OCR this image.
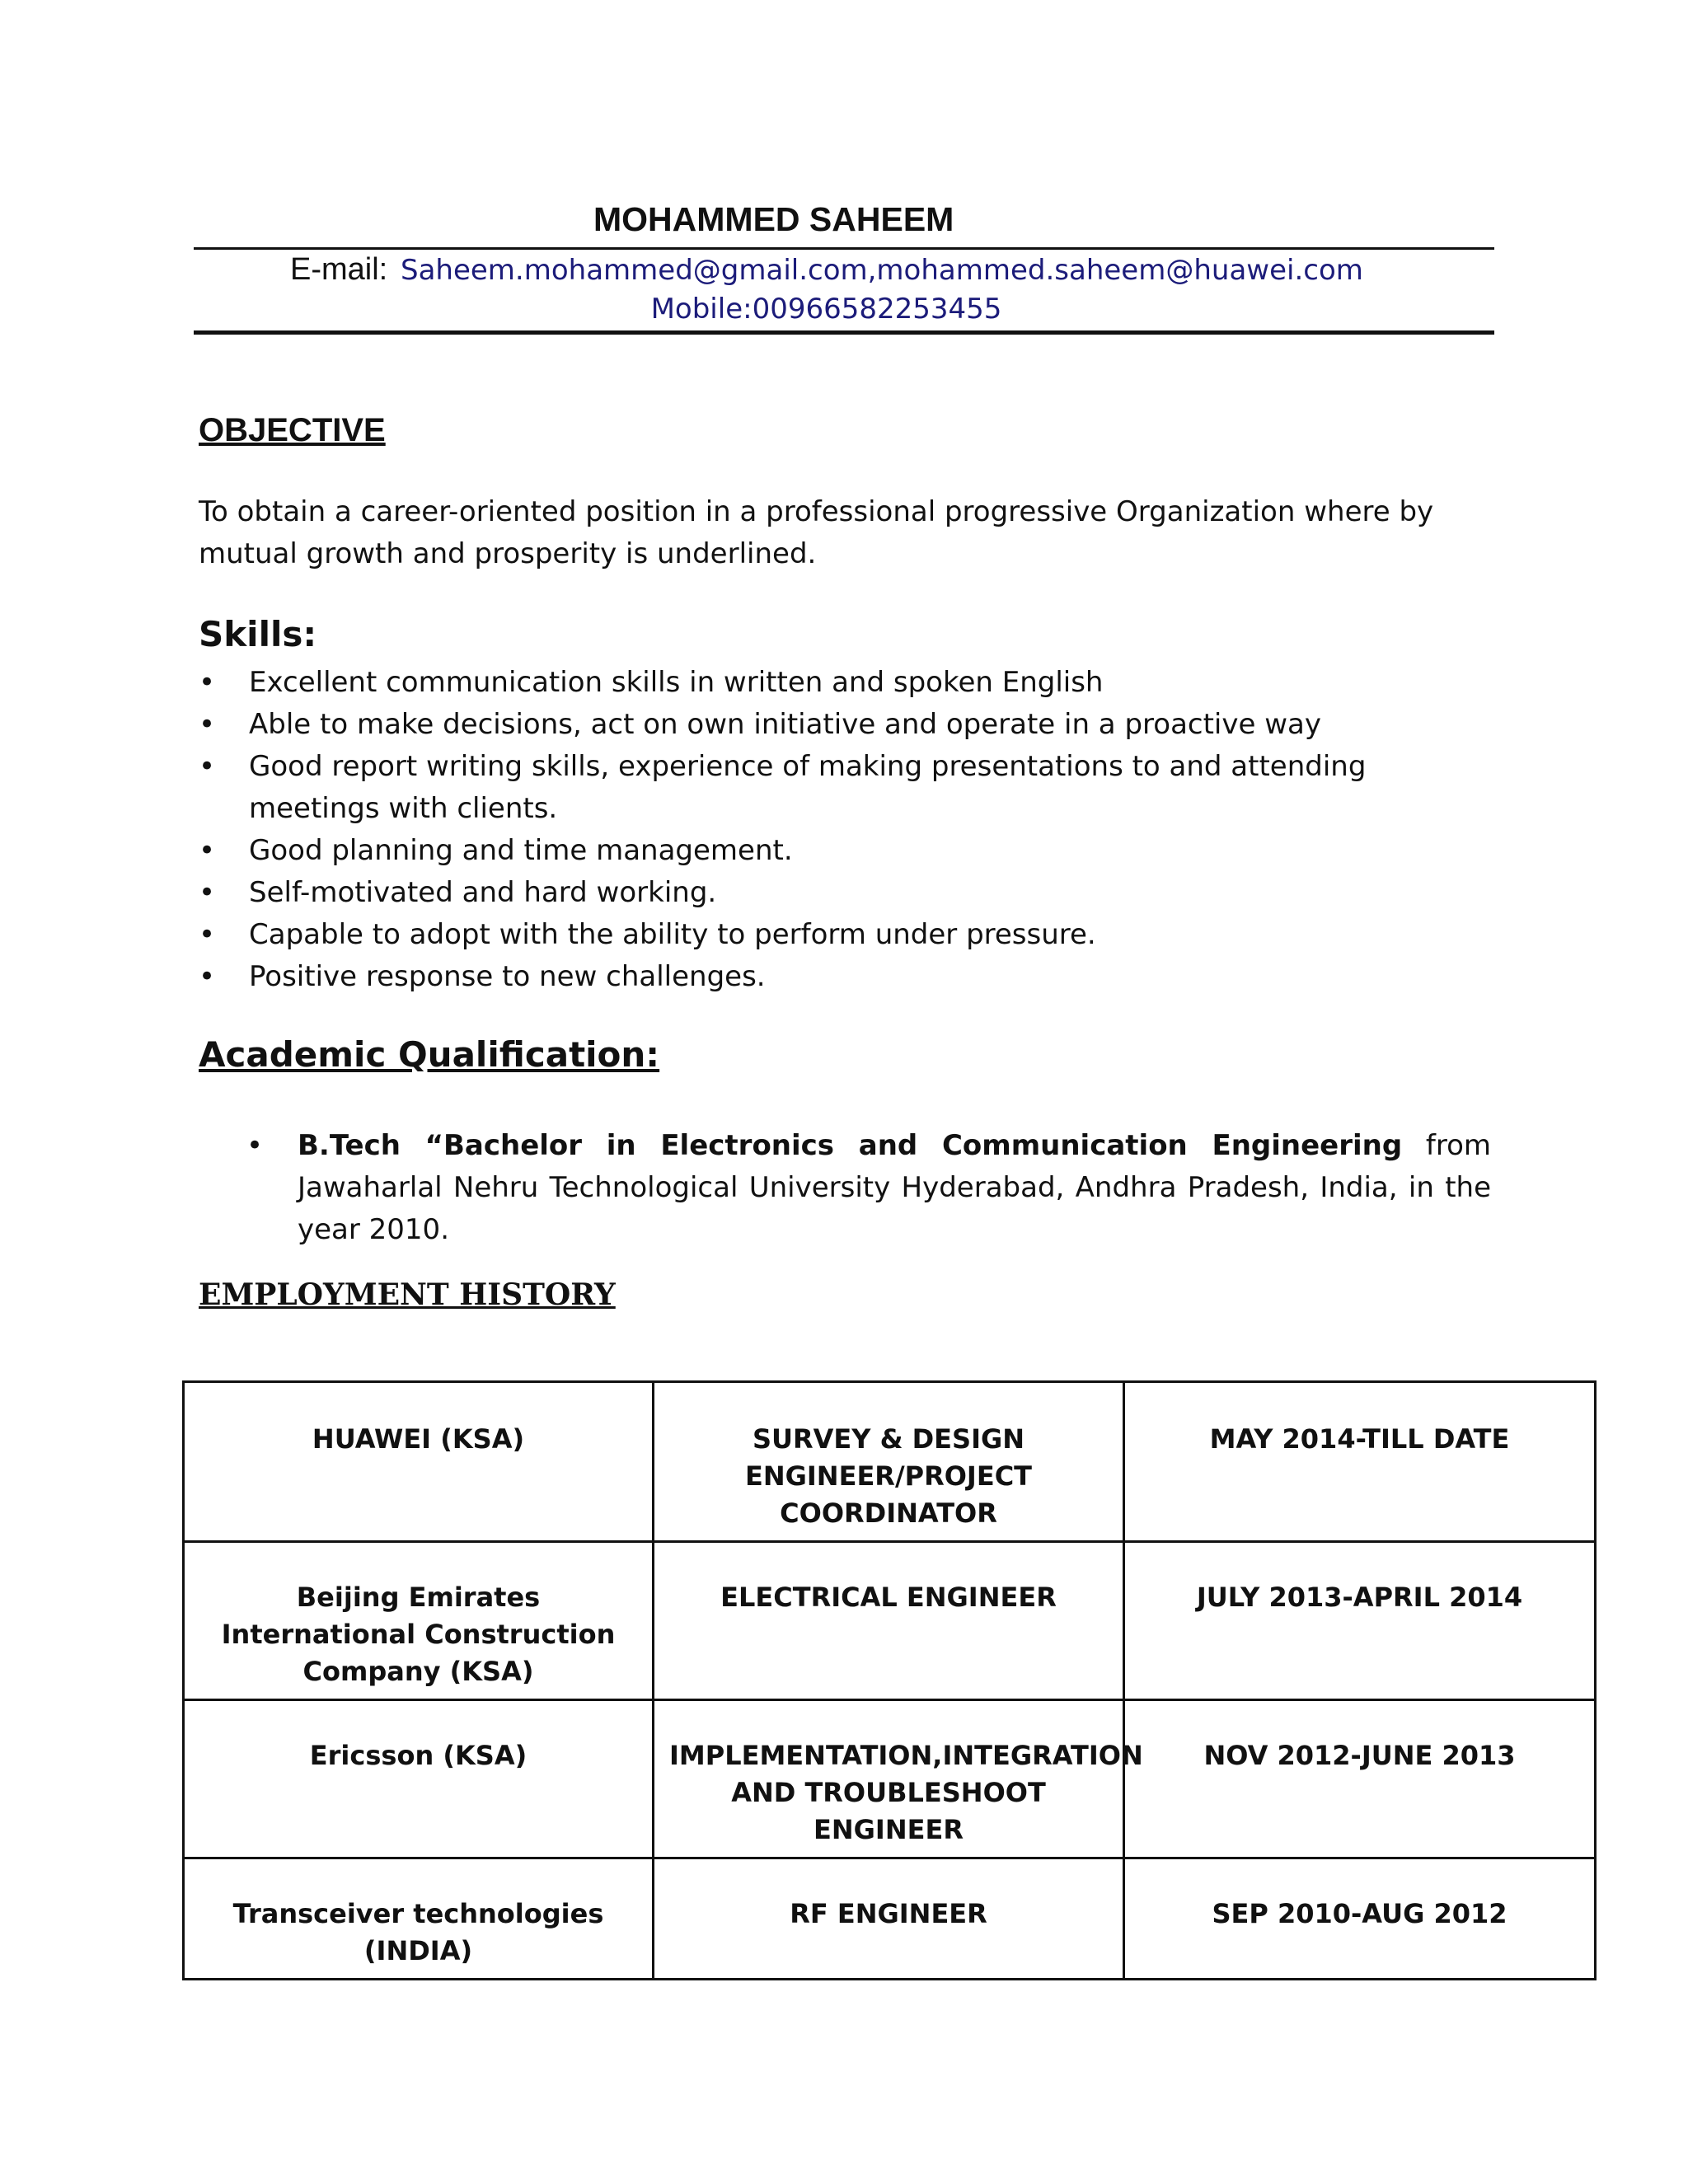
MOHAMMED SAHEEM
E-mail: Saheem.mohammed@gmail.com,mohammed.saheem@huawei.com
Mobile:00966582253455
OBJECTIVE
To obtain a career-oriented position in a professional progressive Organization where by mutual growth and prosperity is underlined.
Skills:
• Excellent communication skills in written and spoken English
• Able to make decisions, act on own initiative and operate in a proactive way
• Good report writing skills, experience of making presentations to and attending meetings with clients.
• Good planning and time management.
• Self-motivated and hard working.
• Capable to adopt with the ability to perform under pressure.
• Positive response to new challenges.
Academic Qualification:
• B.Tech “Bachelor in Electronics and Communication Engineering from Jawaharlal Nehru Technological University Hyderabad, Andhra Pradesh, India, in the year 2010.
EMPLOYMENT HISTORY
HUAWEI (KSA)	SURVEY & DESIGN ENGINEER/PROJECT COORDINATOR	MAY 2014-TILL DATE
Beijing Emirates International Construction Company (KSA)	ELECTRICAL ENGINEER	JULY 2013-APRIL 2014
Ericsson (KSA)	IMPLEMENTATION,INTEGRATION AND TROUBLESHOOT ENGINEER	NOV 2012-JUNE 2013
Transceiver technologies (INDIA)	RF ENGINEER	SEP 2010-AUG 2012
